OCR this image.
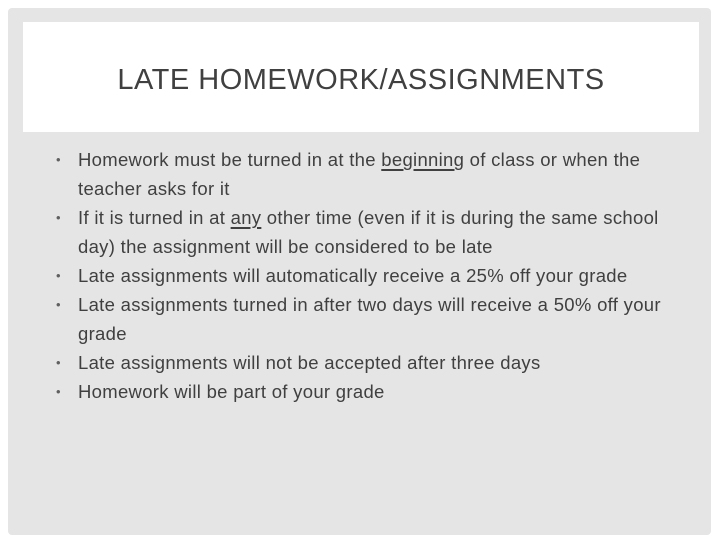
LATE HOMEWORK/ASSIGNMENTS
• Homework must be turned in at the beginning of class or when the teacher asks for it
• If it is turned in at any other time (even if it is during the same school day) the assignment will be considered to be late
• Late assignments will automatically receive a 25% off your grade
• Late assignments turned in after two days will receive a 50% off your grade
• Late assignments will not be accepted after three days
• Homework will be part of your grade
